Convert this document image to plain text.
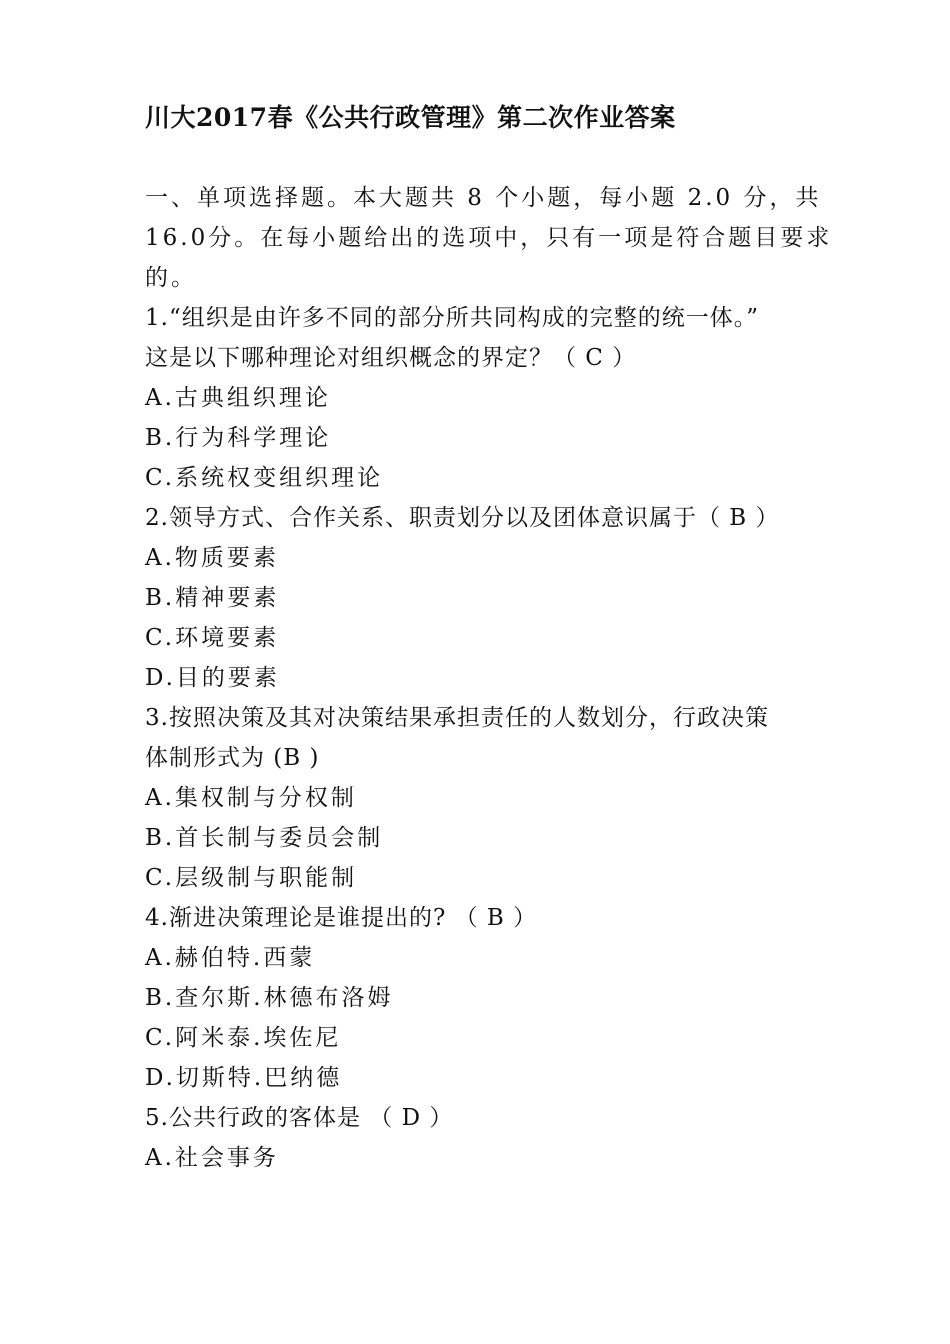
川大2017春《公共行政管理》第二次作业答案
一、单项选择题。本大题共 8 个小题，每小题 2.0 分，共
16.0分。在每小题给出的选项中，只有一项是符合题目要求
的。
1.“组织是由许多不同的部分所共同构成的完整的统一体。”
这是以下哪种理论对组织概念的界定？（ C ）
A.古典组织理论
B.行为科学理论
C.系统权变组织理论
2.领导方式、合作关系、职责划分以及团体意识属于（ B ）
A.物质要素
B.精神要素
C.环境要素
D.目的要素
3.按照决策及其对决策结果承担责任的人数划分，行政决策
体制形式为 (B )
A.集权制与分权制
B.首长制与委员会制
C.层级制与职能制
4.渐进决策理论是谁提出的? （ B ）
A.赫伯特.西蒙
B.查尔斯.林德布洛姆
C.阿米泰.埃佐尼
D.切斯特.巴纳德
5.公共行政的客体是 （ D ）
A.社会事务
